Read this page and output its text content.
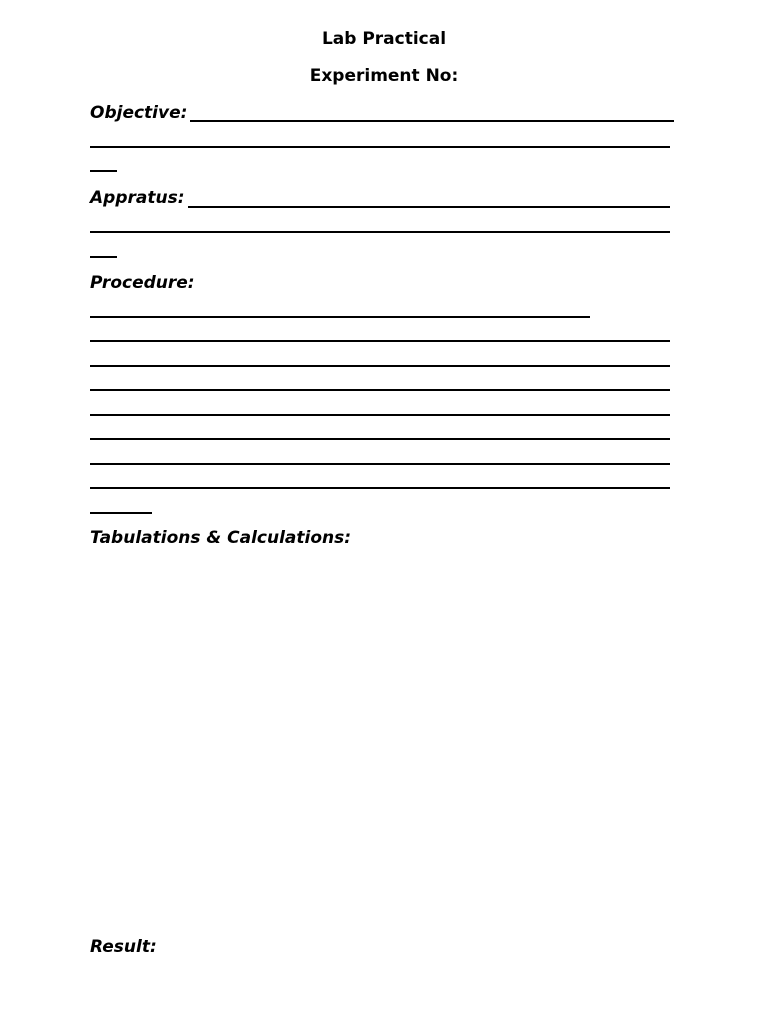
Lab Practical
Experiment No:
Objective:
Appratus:
Procedure:
Tabulations & Calculations:
Result:
